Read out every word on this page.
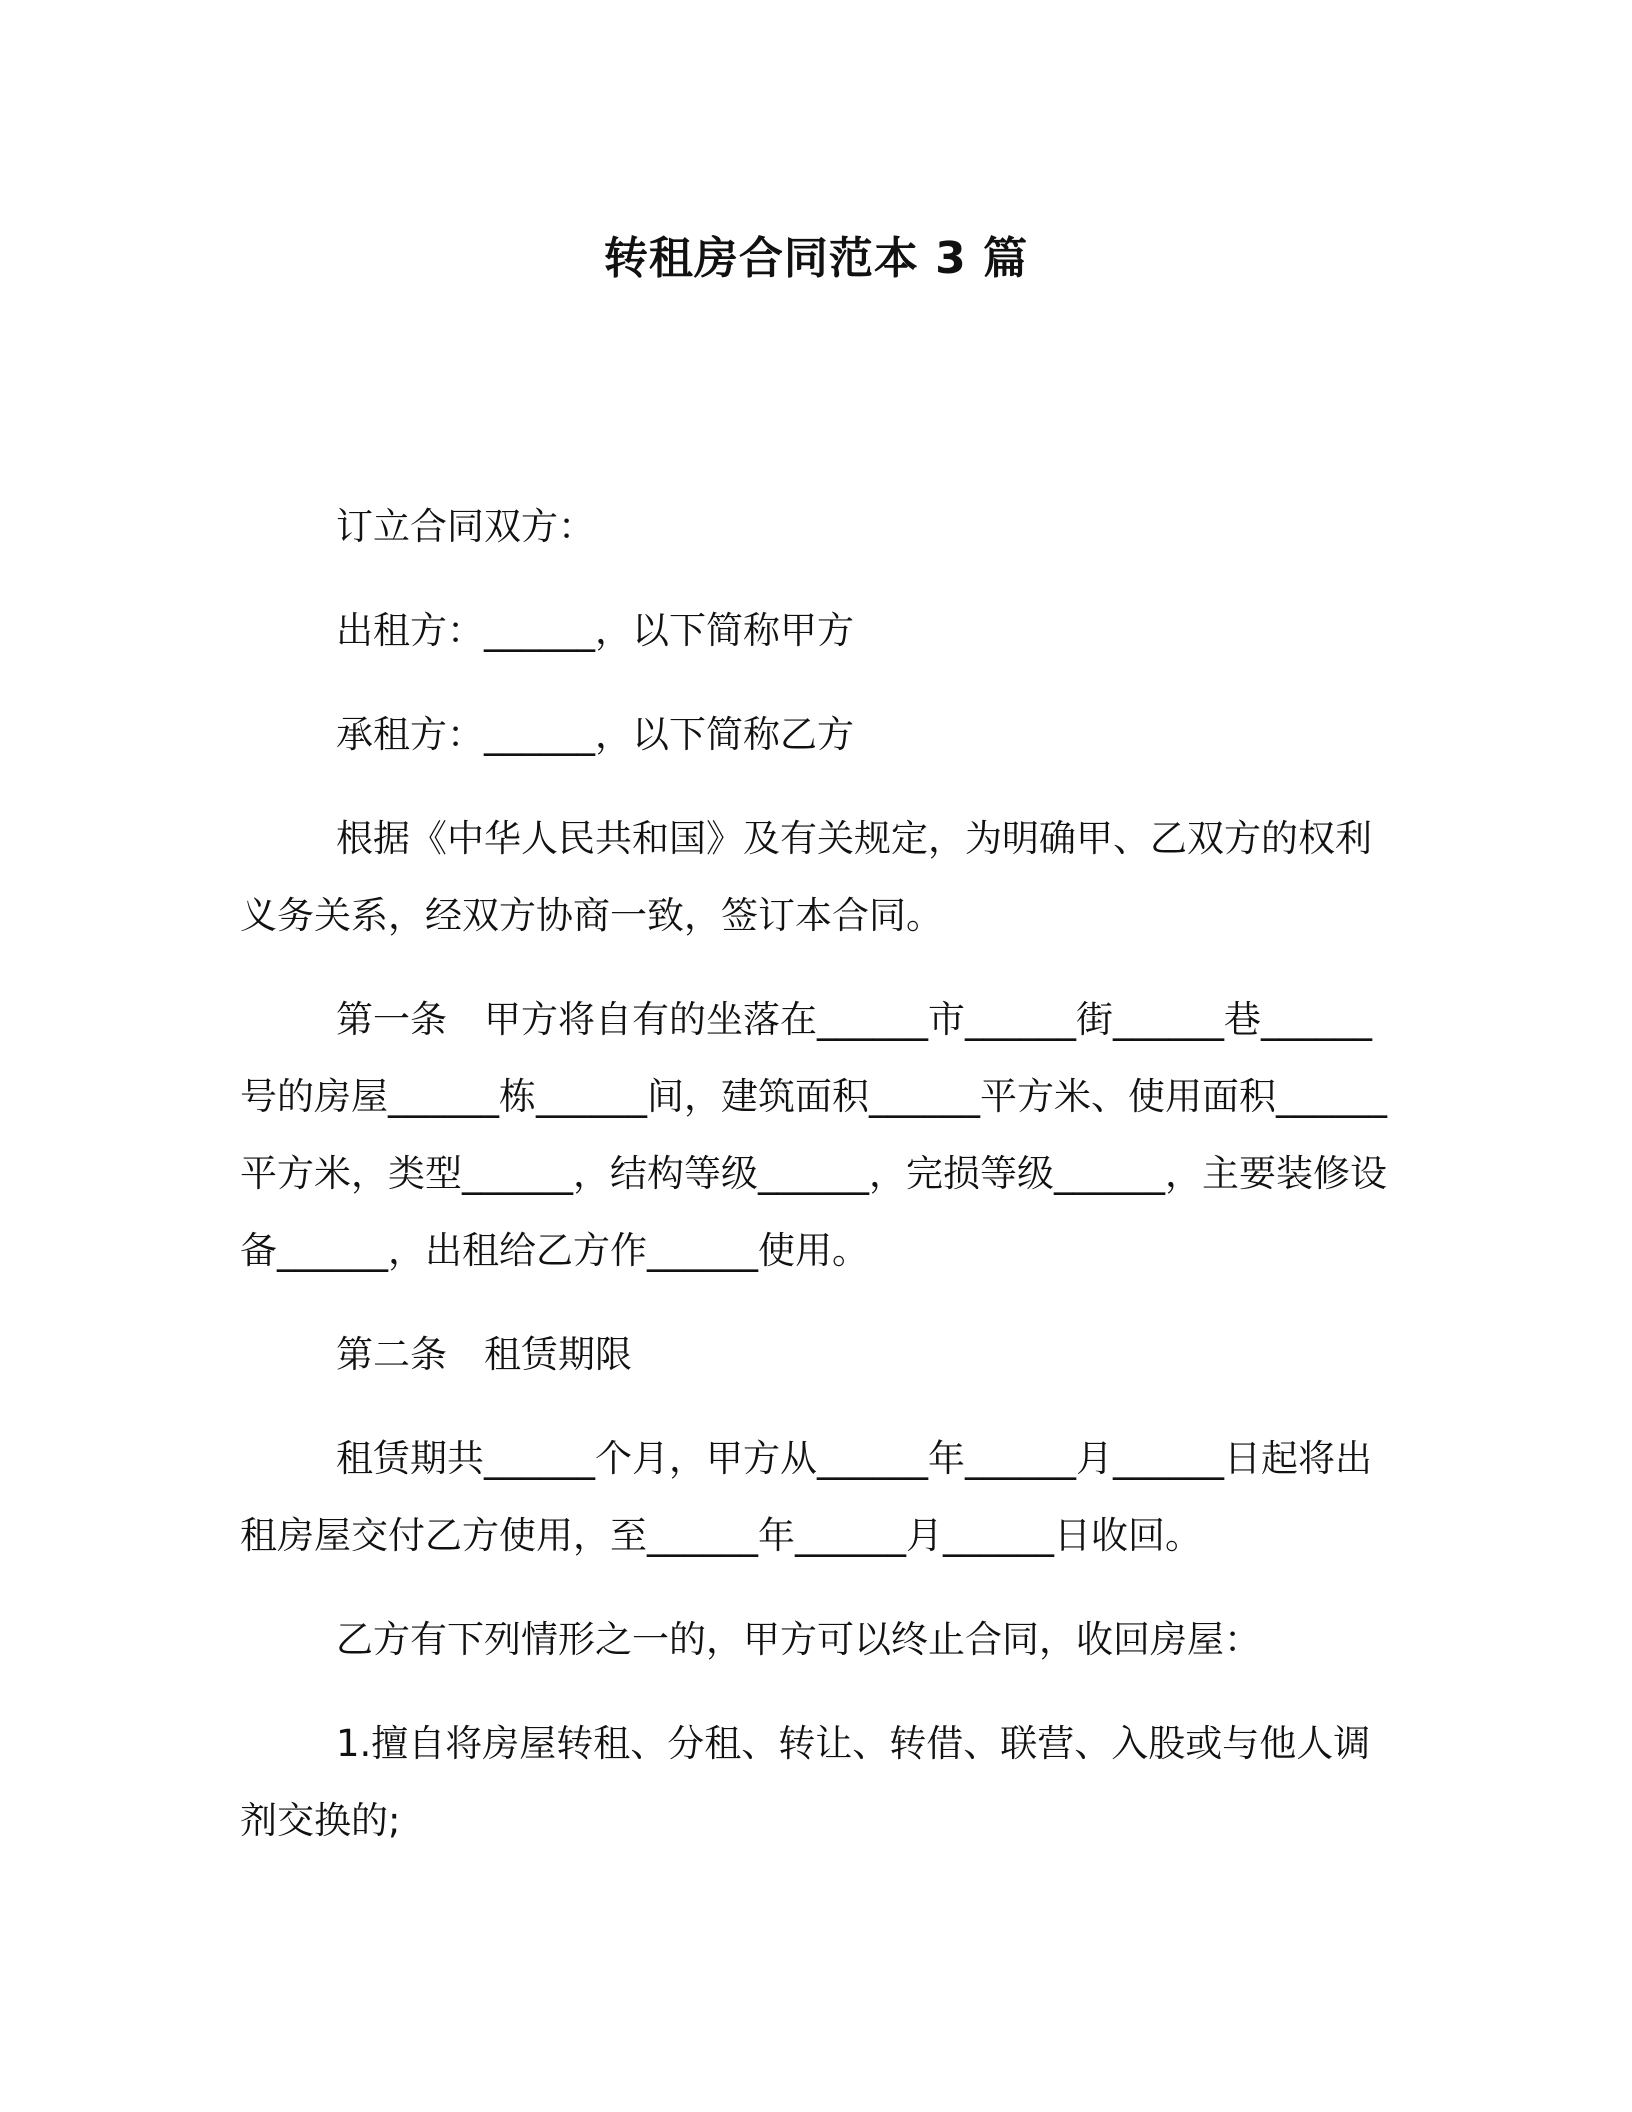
转租房合同范本 3 篇

订立合同双方：

出租方：______，以下简称甲方

承租方：______，以下简称乙方

根据《中华人民共和国》及有关规定，为明确甲、乙双方的权利义务关系，经双方协商一致，签订本合同。

第一条　甲方将自有的坐落在______市______街______巷______号的房屋______栋______间，建筑面积______平方米、使用面积______平方米，类型______，结构等级______，完损等级______，主要装修设备______，出租给乙方作______使用。

第二条　租赁期限

租赁期共______个月，甲方从______年______月______日起将出租房屋交付乙方使用，至______年______月______日收回。

乙方有下列情形之一的，甲方可以终止合同，收回房屋：

1.擅自将房屋转租、分租、转让、转借、联营、入股或与他人调剂交换的;
